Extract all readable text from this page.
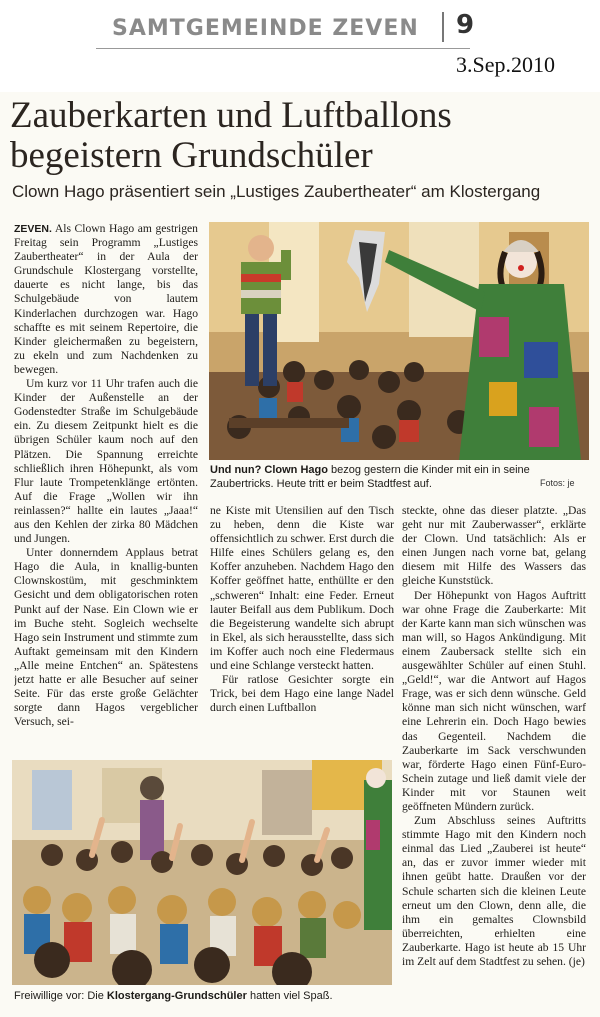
SAMTGEMEINDE ZEVEN 9
3.Sep.2010
Zauberkarten und Luftballons
begeistern Grundschüler
Clown Hago präsentiert sein „Lustiges Zaubertheater“ am Klostergang

ZEVEN. Als Clown Hago am gestrigen Freitag sein Programm „Lustiges Zaubertheater“ in der Aula der Grundschule Klostergang vorstellte, dauerte es nicht lange, bis das Schulgebäude von lautem Kinderlachen durchzogen war. Hago schaffte es mit seinem Repertoire, die Kinder gleichermaßen zu begeistern, zu ekeln und zum Nachdenken zu bewegen.

Um kurz vor 11 Uhr trafen auch die Kinder der Außenstelle an der Godenstedter Straße im Schulgebäude ein. Zu diesem Zeitpunkt hielt es die übrigen Schüler kaum noch auf den Plätzen. Die Spannung erreichte schließlich ihren Höhepunkt, als vom Flur laute Trompetenklänge ertönten. Auf die Frage „Wollen wir ihn reinlassen?“ hallte ein lautes „Jaaa!“ aus den Kehlen der zirka 80 Mädchen und Jungen.

Unter donnerndem Applaus betrat Hago die Aula, in knallig-bunten Clownskostüm, mit geschminktem Gesicht und dem obligatorischen roten Punkt auf der Nase. Ein Clown wie er im Buche steht. Sogleich wechselte Hago sein Instrument und stimmte zum Auftakt gemeinsam mit den Kindern „Alle meine Entchen“ an. Spätestens jetzt hatte er alle Besucher auf seiner Seite. Für das erste große Gelächter sorgte dann Hagos vergeblicher Versuch, sei-

Und nun? Clown Hago bezog gestern die Kinder mit ein in seine Zaubertricks. Heute tritt er beim Stadtfest auf.	Fotos: je

ne Kiste mit Utensilien auf den Tisch zu heben, denn die Kiste war offensichtlich zu schwer. Erst durch die Hilfe eines Schülers gelang es, den Koffer anzuheben. Nachdem Hago den Koffer geöffnet hatte, enthüllte er den „schweren“ Inhalt: eine Feder. Erneut lauter Beifall aus dem Publikum. Doch die Begeisterung wandelte sich abrupt in Ekel, als sich herausstellte, dass sich im Koffer auch noch eine Fledermaus und eine Schlange versteckt hatten.

Für ratlose Gesichter sorgte ein Trick, bei dem Hago eine lange Nadel durch einen Luftballon

steckte, ohne das dieser platzte. „Das geht nur mit Zauberwasser“, erklärte der Clown. Und tatsächlich: Als er einen Jungen nach vorne bat, gelang diesem mit Hilfe des Wassers das gleiche Kunststück.

Der Höhepunkt von Hagos Auftritt war ohne Frage die Zauberkarte: Mit der Karte kann man sich wünschen was man will, so Hagos Ankündigung. Mit einem Zaubersack stellte sich ein ausgewählter Schüler auf einen Stuhl. „Geld!“, war die Antwort auf Hagos Frage, was er sich denn wünsche. Geld könne man sich nicht wünschen, warf eine Lehrerin ein. Doch Hago bewies das Gegenteil. Nachdem die Zauberkarte im Sack verschwunden war, förderte Hago einen Fünf-Euro-Schein zutage und ließ damit viele der Kinder mit vor Staunen weit geöffneten Mündern zurück.

Zum Abschluss seines Auftritts stimmte Hago mit den Kindern noch einmal das Lied „Zauberei ist heute“ an, das er zuvor immer wieder mit ihnen geübt hatte. Draußen vor der Schule scharten sich die kleinen Leute erneut um den Clown, denn alle, die ihm ein gemaltes Clownsbild überreichten, erhielten eine Zauberkarte. Hago ist heute ab 15 Uhr im Zelt auf dem Stadtfest zu sehen. (je)

Freiwillige vor: Die Klostergang-Grundschüler hatten viel Spaß.
